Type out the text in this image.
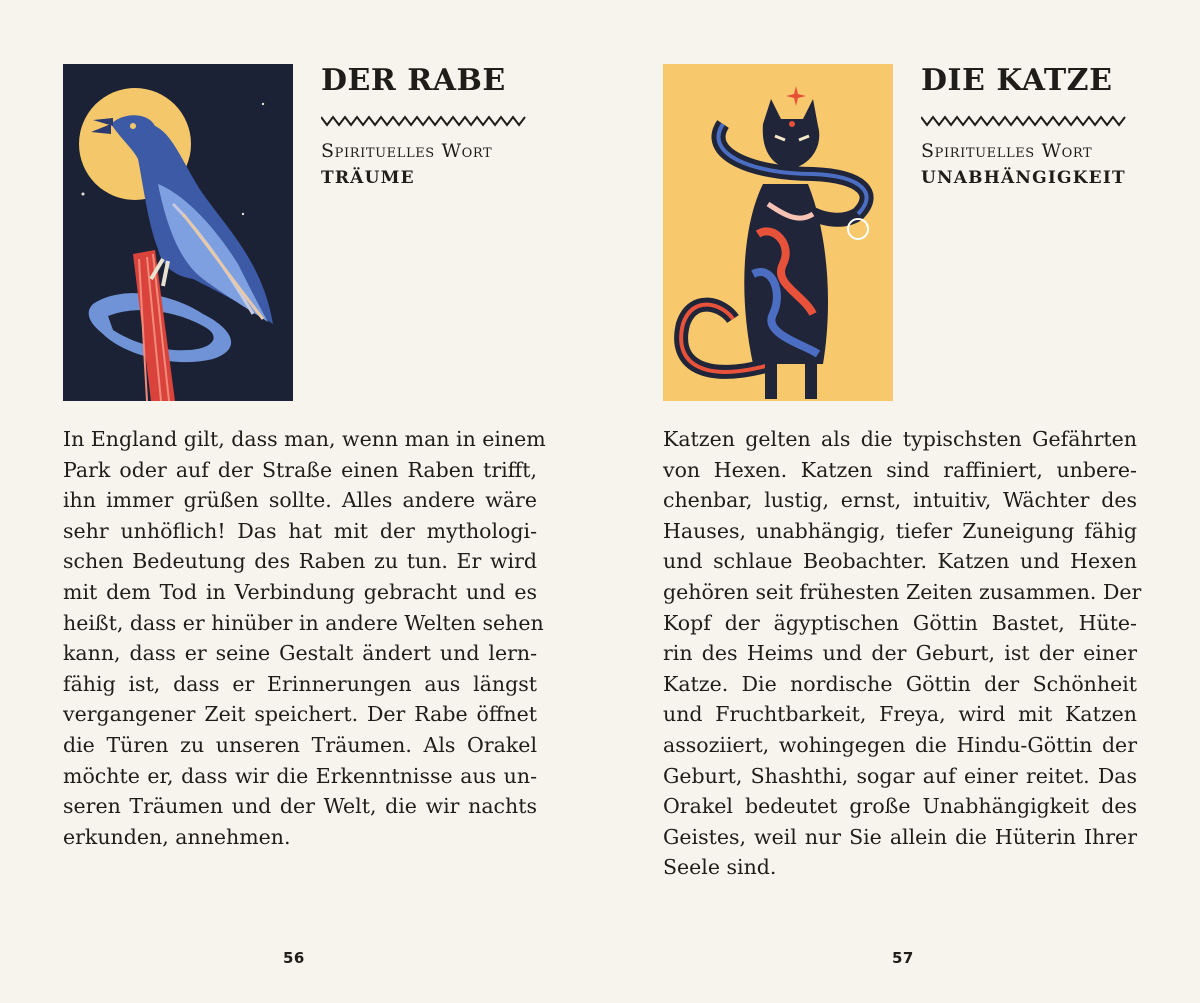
DER RABE
Spirituelles Wort
TRÄUME
In England gilt, dass man, wenn man in einem
Park oder auf der Straße einen Raben trifft,
ihn immer grüßen sollte. Alles andere wäre
sehr unhöflich! Das hat mit der mythologi-
schen Bedeutung des Raben zu tun. Er wird
mit dem Tod in Verbindung gebracht und es
heißt, dass er hinüber in andere Welten sehen
kann, dass er seine Gestalt ändert und lern-
fähig ist, dass er Erinnerungen aus längst
vergangener Zeit speichert. Der Rabe öffnet
die Türen zu unseren Träumen. Als Orakel
möchte er, dass wir die Erkenntnisse aus un-
seren Träumen und der Welt, die wir nachts
erkunden, annehmen.
56
DIE KATZE
Spirituelles Wort
UNABHÄNGIGKEIT
Katzen gelten als die typischsten Gefährten
von Hexen. Katzen sind raffiniert, unbere-
chenbar, lustig, ernst, intuitiv, Wächter des
Hauses, unabhängig, tiefer Zuneigung fähig
und schlaue Beobachter. Katzen und Hexen
gehören seit frühesten Zeiten zusammen. Der
Kopf der ägyptischen Göttin Bastet, Hüte-
rin des Heims und der Geburt, ist der einer
Katze. Die nordische Göttin der Schönheit
und Fruchtbarkeit, Freya, wird mit Katzen
assoziiert, wohingegen die Hindu-Göttin der
Geburt, Shashthi, sogar auf einer reitet. Das
Orakel bedeutet große Unabhängigkeit des
Geistes, weil nur Sie allein die Hüterin Ihrer
Seele sind.
57
